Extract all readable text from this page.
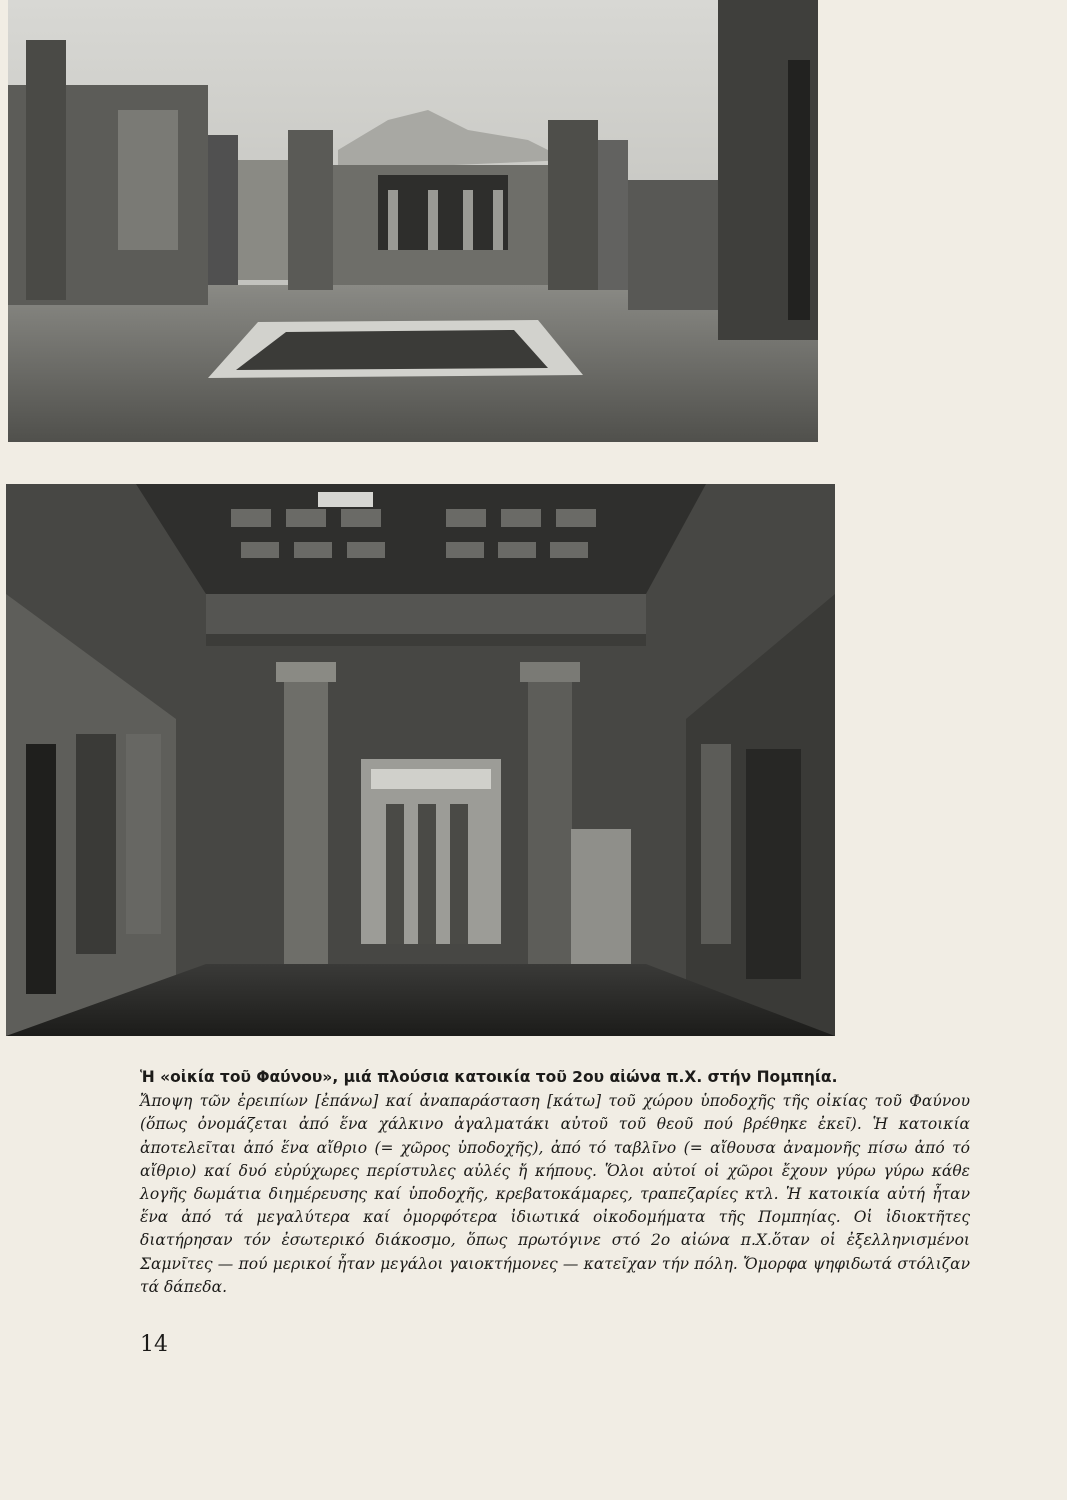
Ἡ «οἰκία τοῦ Φαύνου», μιά πλούσια κατοικία τοῦ 2ου αἰώνα π.Χ. στήν Πομπηία.

Ἄποψη τῶν ἐρειπίων [ἐπάνω] καί ἀναπαράσταση [κάτω] τοῦ χώρου ὑποδοχῆς τῆς οἰκίας τοῦ Φαύνου (ὅπως ὀνομάζεται ἀπό ἕνα χάλκινο ἀγαλματάκι αὐτοῦ τοῦ θεοῦ πού βρέθηκε ἐκεῖ). Ἡ κατοικία ἀποτελεῖται ἀπό ἕνα αἴθριο (= χῶρος ὑποδοχῆς), ἀπό τό ταβλῖνο (= αἴθουσα ἀναμονῆς πίσω ἀπό τό αἴθριο) καί δυό εὐρύχωρες περίστυλες αὐλές ἤ κήπους. Ὅλοι αὐτοί οἱ χῶροι ἔχουν γύρω γύρω κάθε λογῆς δωμάτια διημέρευσης καί ὑποδοχῆς, κρεβατοκάμαρες, τραπεζαρίες κτλ. Ἡ κατοικία αὐτή ἦταν ἕνα ἀπό τά μεγαλύτερα καί ὀμορφότερα ἰδιωτικά οἰκοδομήματα τῆς Πομπηίας. Οἱ ἰδιοκτῆτες διατήρησαν τόν ἐσωτερικό διάκοσμο, ὅπως πρωτόγινε στό 2ο αἰώνα π.Χ.ὅταν οἱ ἐξελληνισμένοι Σαμνῖτες — πού μερικοί ἦταν μεγάλοι γαιοκτήμονες — κατεῖχαν τήν πόλη. Ὄμορφα ψηφιδωτά στόλιζαν τά δάπεδα.

14
